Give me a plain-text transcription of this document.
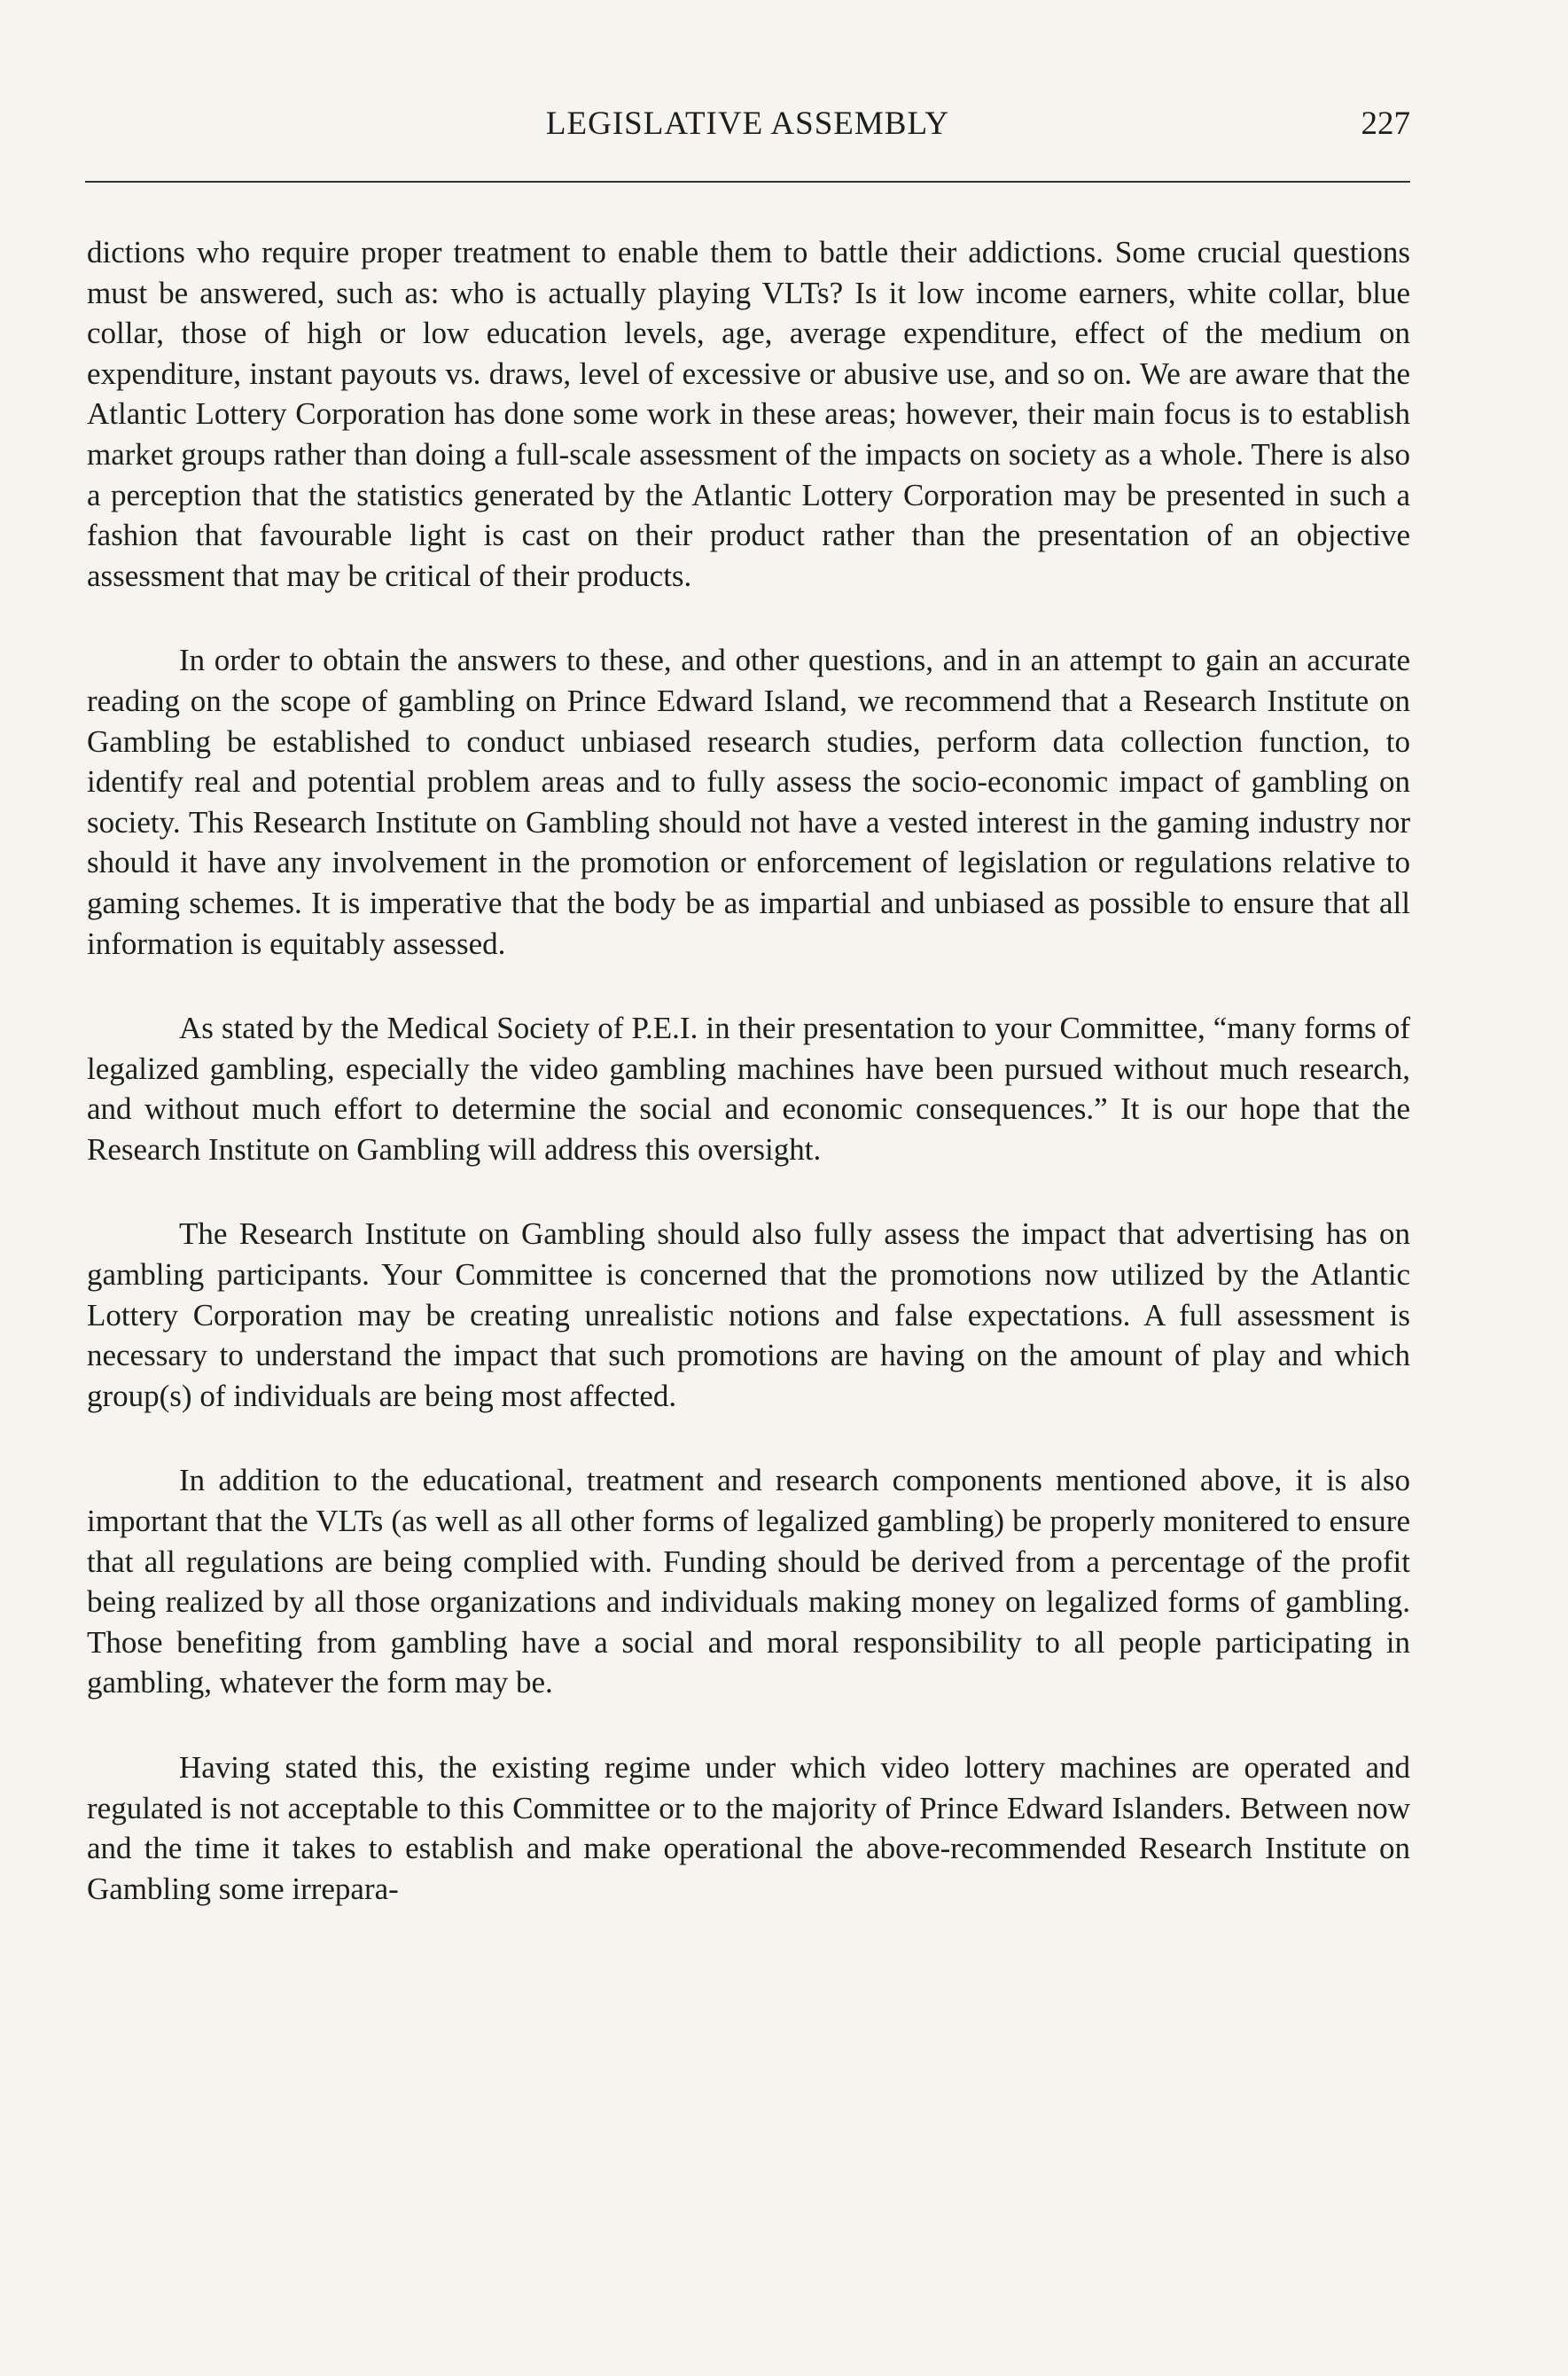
LEGISLATIVE ASSEMBLY	227

dictions who require proper treatment to enable them to battle their addictions. Some crucial questions must be answered, such as: who is actually playing VLTs? Is it low income earners, white collar, blue collar, those of high or low education levels, age, average expenditure, effect of the medium on expenditure, instant payouts vs. draws, level of excessive or abusive use, and so on. We are aware that the Atlantic Lottery Corporation has done some work in these areas; however, their main focus is to establish market groups rather than doing a full-scale assessment of the impacts on society as a whole. There is also a perception that the statistics generated by the Atlantic Lottery Corporation may be presented in such a fashion that favourable light is cast on their product rather than the presentation of an objective assessment that may be critical of their products.

In order to obtain the answers to these, and other questions, and in an attempt to gain an accurate reading on the scope of gambling on Prince Edward Island, we recommend that a Research Institute on Gambling be established to conduct unbiased research studies, perform data collection function, to identify real and potential problem areas and to fully assess the socio-economic impact of gambling on society. This Research Institute on Gambling should not have a vested interest in the gaming industry nor should it have any involvement in the promotion or enforcement of legislation or regulations relative to gaming schemes. It is imperative that the body be as impartial and unbiased as possible to ensure that all information is equitably assessed.

As stated by the Medical Society of P.E.I. in their presentation to your Committee, “many forms of legalized gambling, especially the video gambling machines have been pursued without much research, and without much effort to determine the social and economic consequences.” It is our hope that the Research Institute on Gambling will address this oversight.

The Research Institute on Gambling should also fully assess the impact that advertising has on gambling participants. Your Committee is concerned that the promotions now utilized by the Atlantic Lottery Corporation may be creating unrealistic notions and false expectations. A full assessment is necessary to understand the impact that such promotions are having on the amount of play and which group(s) of individuals are being most affected.

In addition to the educational, treatment and research components mentioned above, it is also important that the VLTs (as well as all other forms of legalized gambling) be properly monitered to ensure that all regulations are being complied with. Funding should be derived from a percentage of the profit being realized by all those organizations and individuals making money on legalized forms of gambling. Those benefiting from gambling have a social and moral responsibility to all people participating in gambling, whatever the form may be.

Having stated this, the existing regime under which video lottery machines are operated and regulated is not acceptable to this Committee or to the majority of Prince Edward Islanders. Between now and the time it takes to establish and make operational the above-recommended Research Institute on Gambling some irrepara-
